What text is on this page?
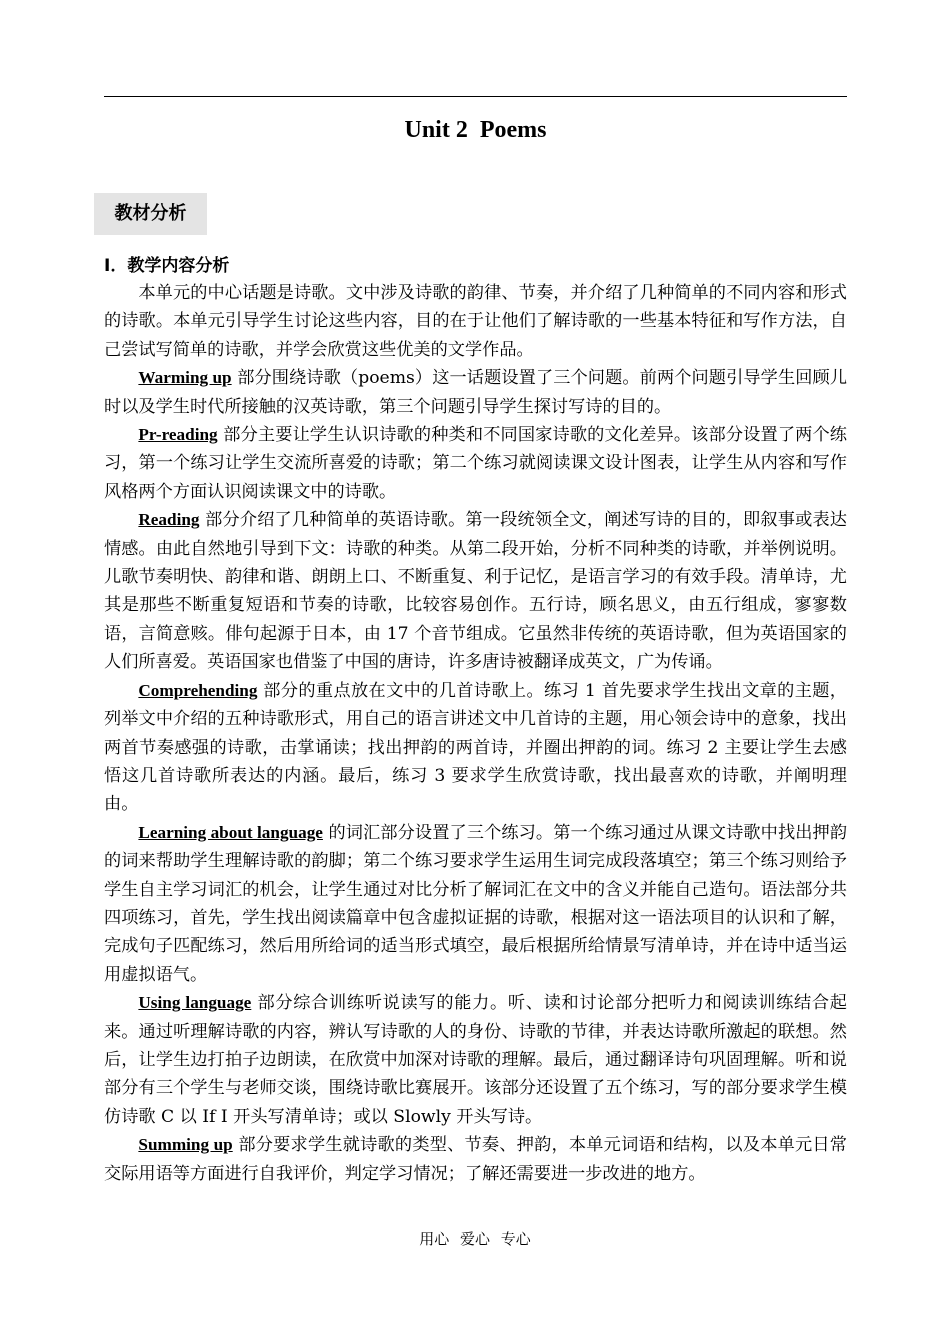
Unit 2  Poems
教材分析
I．教学内容分析

本单元的中心话题是诗歌。文中涉及诗歌的韵律、节奏，并介绍了几种简单的不同内容和形式的诗歌。本单元引导学生讨论这些内容，目的在于让他们了解诗歌的一些基本特征和写作方法，自己尝试写简单的诗歌，并学会欣赏这些优美的文学作品。

Warming up 部分围绕诗歌（poems）这一话题设置了三个问题。前两个问题引导学生回顾儿时以及学生时代所接触的汉英诗歌，第三个问题引导学生探讨写诗的目的。

Pr-reading 部分主要让学生认识诗歌的种类和不同国家诗歌的文化差异。该部分设置了两个练习，第一个练习让学生交流所喜爱的诗歌；第二个练习就阅读课文设计图表，让学生从内容和写作风格两个方面认识阅读课文中的诗歌。

Reading 部分介绍了几种简单的英语诗歌。第一段统领全文，阐述写诗的目的，即叙事或表达情感。由此自然地引导到下文：诗歌的种类。从第二段开始，分析不同种类的诗歌，并举例说明。儿歌节奏明快、韵律和谐、朗朗上口、不断重复、利于记忆，是语言学习的有效手段。清单诗，尤其是那些不断重复短语和节奏的诗歌，比较容易创作。五行诗，顾名思义，由五行组成，寥寥数语，言简意赅。俳句起源于日本，由 17 个音节组成。它虽然非传统的英语诗歌，但为英语国家的人们所喜爱。英语国家也借鉴了中国的唐诗，许多唐诗被翻译成英文，广为传诵。

Comprehending 部分的重点放在文中的几首诗歌上。练习 1 首先要求学生找出文章的主题，列举文中介绍的五种诗歌形式，用自己的语言讲述文中几首诗的主题，用心领会诗中的意象，找出两首节奏感强的诗歌，击掌诵读；找出押韵的两首诗，并圈出押韵的词。练习 2 主要让学生去感悟这几首诗歌所表达的内涵。最后，练习 3 要求学生欣赏诗歌，找出最喜欢的诗歌，并阐明理由。

Learning about language 的词汇部分设置了三个练习。第一个练习通过从课文诗歌中找出押韵的词来帮助学生理解诗歌的韵脚；第二个练习要求学生运用生词完成段落填空；第三个练习则给予学生自主学习词汇的机会，让学生通过对比分析了解词汇在文中的含义并能自己造句。语法部分共四项练习，首先，学生找出阅读篇章中包含虚拟证据的诗歌，根据对这一语法项目的认识和了解，完成句子匹配练习，然后用所给词的适当形式填空，最后根据所给情景写清单诗，并在诗中适当运用虚拟语气。

Using language 部分综合训练听说读写的能力。听、读和讨论部分把听力和阅读训练结合起来。通过听理解诗歌的内容，辨认写诗歌的人的身份、诗歌的节律，并表达诗歌所激起的联想。然后，让学生边打拍子边朗读，在欣赏中加深对诗歌的理解。最后，通过翻译诗句巩固理解。听和说部分有三个学生与老师交谈，围绕诗歌比赛展开。该部分还设置了五个练习，写的部分要求学生模仿诗歌 C 以 If I 开头写清单诗；或以 Slowly 开头写诗。

Summing up 部分要求学生就诗歌的类型、节奏、押韵，本单元词语和结构，以及本单元日常交际用语等方面进行自我评价，判定学习情况；了解还需要进一步改进的地方。

用心 爱心 专心
